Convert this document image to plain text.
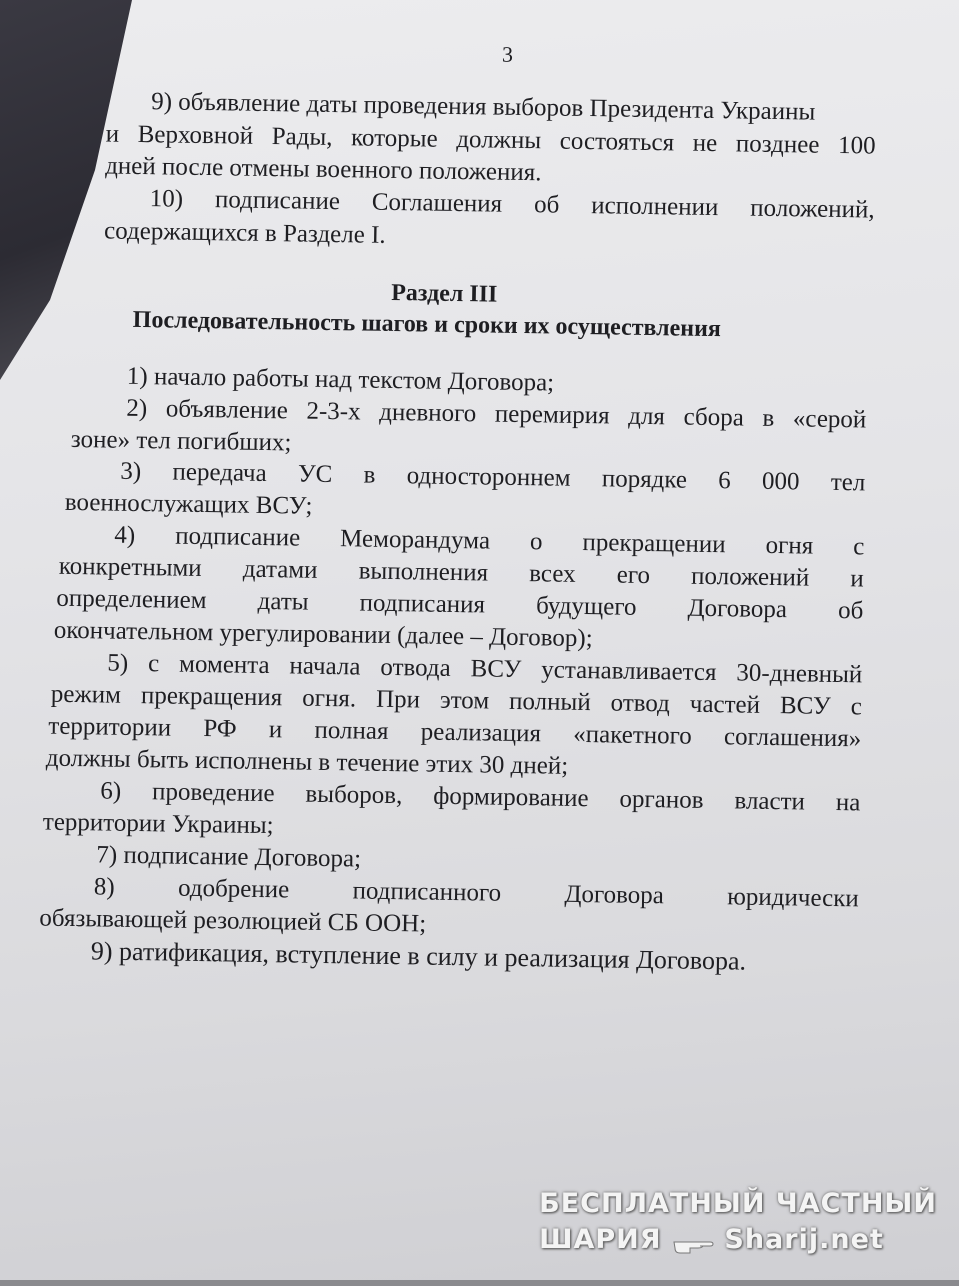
3
9) объявление даты проведения выборов Президента Украины
и Верховной Рады, которые должны состояться не позднее 100
дней после отмены военного положения.
10) подписание Соглашения об исполнении положений,
содержащихся в Разделе I.
Раздел III
Последовательность шагов и сроки их осуществления
1) начало работы над текстом Договора;
2) объявление 2-3-х дневного перемирия для сбора в «серой
зоне» тел погибших;
3) передача УС в одностороннем порядке 6 000 тел
военнослужащих ВСУ;
4) подписание Меморандума о прекращении огня с
конкретными датами выполнения всех его положений и
определением даты подписания будущего Договора об
окончательном урегулировании (далее – Договор);
5) с момента начала отвода ВСУ устанавливается 30-дневный
режим прекращения огня. При этом полный отвод частей ВСУ с
территории РФ и полная реализация «пакетного соглашения»
должны быть исполнены в течение этих 30 дней;
6) проведение выборов, формирование органов власти на
территории Украины;
7) подписание Договора;
8) одобрение подписанного Договора юридически
обязывающей резолюцией СБ ООН;
9) ратификация, вступление в силу и реализация Договора.
БЕСПЛАТНЫЙ ЧАСТНЫЙ
ШАРИЯ Sharij.net
